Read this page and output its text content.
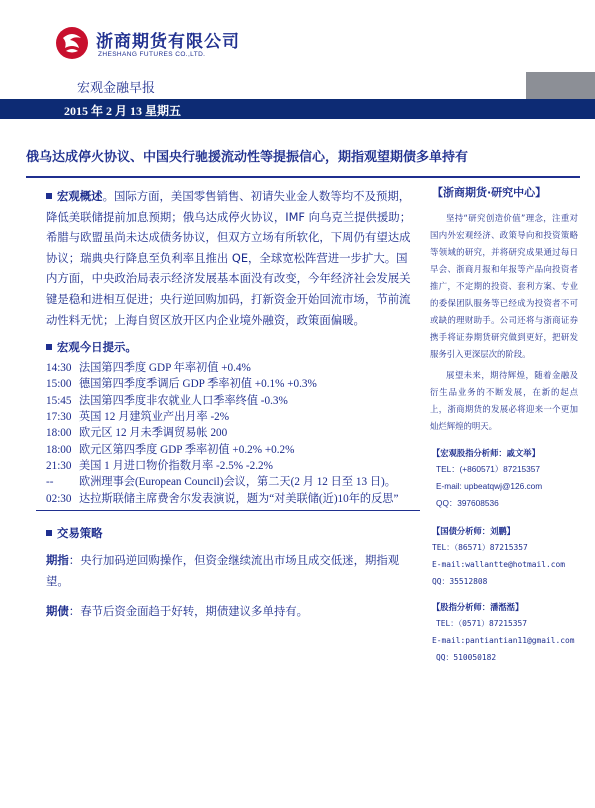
浙商期货有限公司
ZHESHANG FUTURES CO.,LTD.
宏观金融早报
2015 年 2 月 13 星期五
俄乌达成停火协议、中国央行驰援流动性等提振信心，期指观望期债多单持有

宏观概述。国际方面，美国零售销售、初请失业金人数等均不及预期，降低美联储提前加息预期；俄乌达成停火协议，IMF 向乌克兰提供援助；希腊与欧盟虽尚未达成债务协议，但双方立场有所软化，下周仍有望达成协议；瑞典央行降息至负利率且推出 QE，全球宽松阵营进一步扩大。国内方面，中央政治局表示经济发展基本面没有改变，今年经济社会发展关键是稳和进相互促进；央行逆回购加码，打新资金开始回流市场，节前流动性料无忧；上海自贸区放开区内企业境外融资，政策面偏暖。

宏观今日提示。
14:30 法国第四季度 GDP 年率初值 +0.4%
15:00 德国第四季度季调后 GDP 季率初值 +0.1% +0.3%
15:45 法国第四季度非农就业人口季率终值 -0.3%
17:30 英国 12 月建筑业产出月率 -2%
18:00 欧元区 12 月未季调贸易帐 200
18:00 欧元区第四季度 GDP 季率初值 +0.2% +0.2%
21:30 美国 1 月进口物价指数月率 -2.5% -2.2%
-- 欧洲理事会(European Council)会议，第二天(2 月 12 日至 13 日)。
02:30 达拉斯联储主席费舍尔发表演说，题为“对美联储(近)10年的反思”
交易策略

期指：央行加码逆回购操作，但资金继续流出市场且成交低迷，期指观望。

期债：春节后资金面趋于好转，期债建议多单持有。

【浙商期货·研究中心】

坚持“研究创造价值”理念，注重对国内外宏观经济、政策导向和投资策略等领域的研究，并将研究成果通过每日早会、浙商月报和年报等产品向投资者推广，不定期的投资、套利方案、专业的委保团队服务等已经成为投资者不可或缺的理财助手。公司还将与浙商证券携手将证券期货研究做到更好，把研发服务引入更深层次的阶段。

展望未来，期待辉煌，随着金融及衍生品业务的不断发展，在新的起点上，浙商期货的发展必将迎来一个更加灿烂辉煌的明天。

【宏观股指分析师：戚文举】
TEL：(+860571）87215357
E-mail: upbeatqwj@126.com
QQ：397608536
【国债分析师：刘鹏】
TEL：（86571）87215357
E-mail:wallantte@hotmail.com
QQ：35512808
【股指分析师：潘湉湉】
TEL：（0571）87215357
E-mail:pantiantian11@gmail.com
QQ：510050182
